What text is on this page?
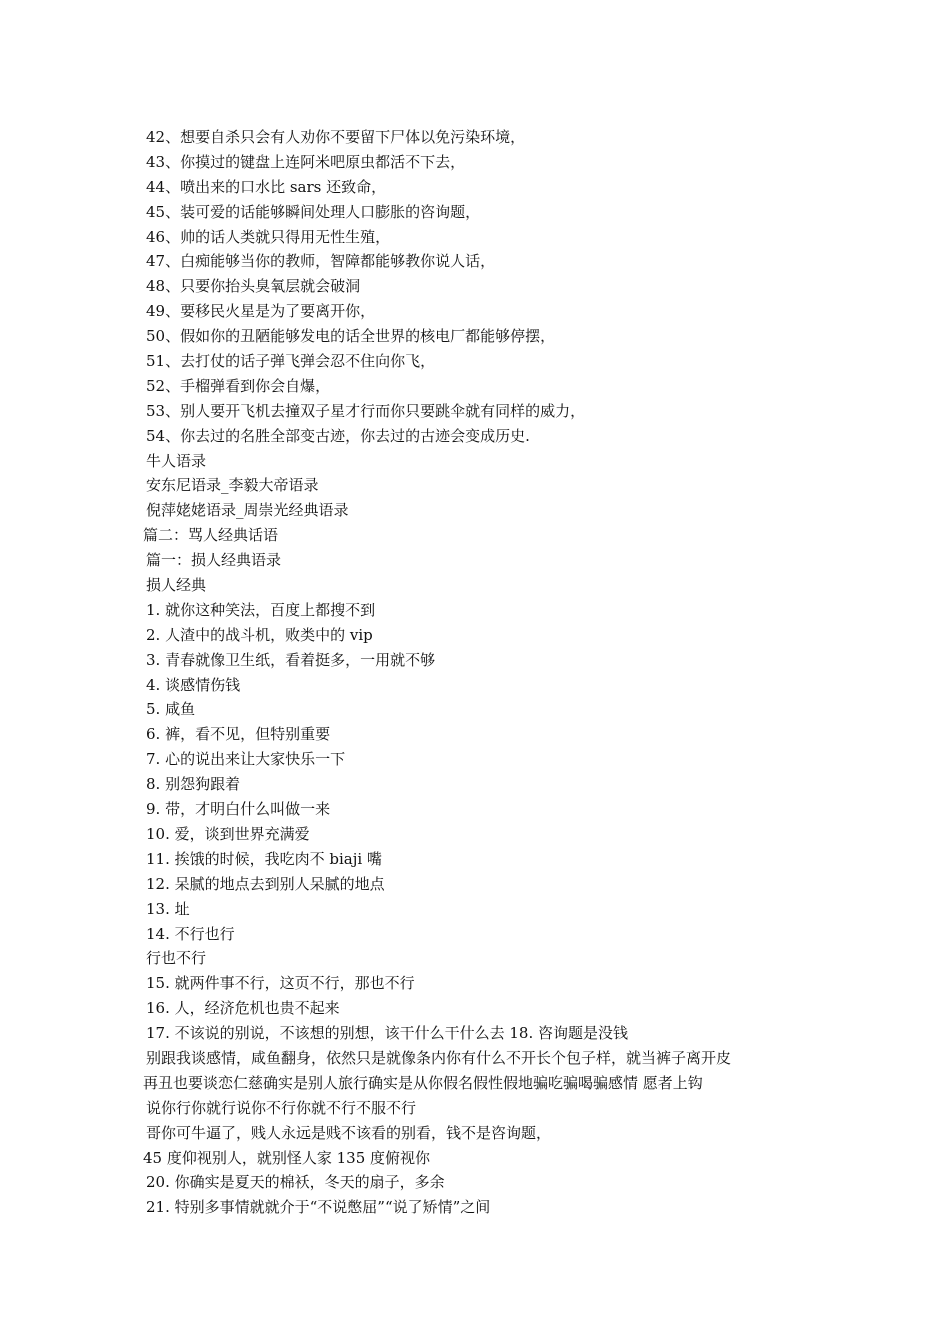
42、想要自杀只会有人劝你不要留下尸体以免污染环境，
43、你摸过的键盘上连阿米吧原虫都活不下去，
44、喷出来的口水比 sars 还致命，
45、装可爱的话能够瞬间处理人口膨胀的咨询题，
46、帅的话人类就只得用无性生殖，
47、白痴能够当你的教师，智障都能够教你说人话，
48、只要你抬头臭氧层就会破洞
49、要移民火星是为了要离开你，
50、假如你的丑陋能够发电的话全世界的核电厂都能够停摆，
51、去打仗的话子弹飞弹会忍不住向你飞，
52、手榴弹看到你会自爆，
53、别人要开飞机去撞双子星才行而你只要跳伞就有同样的威力，
54、你去过的名胜全部变古迹，你去过的古迹会变成历史.
牛人语录
安东尼语录_李毅大帝语录
倪萍姥姥语录_周崇光经典语录
篇二：骂人经典话语
篇一：损人经典语录
损人经典
1. 就你这种笑法，百度上都搜不到
2. 人渣中的战斗机，败类中的 vip
3. 青春就像卫生纸，看着挺多，一用就不够
4. 谈感情伤钱
5. 咸鱼
6. 裤，看不见，但特别重要
7. 心的说出来让大家快乐一下
8. 别怨狗跟着
9. 带，才明白什么叫做一来
10. 爱，谈到世界充满爱
11. 挨饿的时候，我吃肉不 biaji 嘴
12. 呆腻的地点去到别人呆腻的地点
13. 址
14. 不行也行
行也不行
15. 就两件事不行，这页不行，那也不行
16. 人，经济危机也贵不起来
17. 不该说的别说，不该想的别想，该干什么干什么去 18. 咨询题是没钱
别跟我谈感情，咸鱼翻身，依然只是就像条内你有什么不开长个包子样，就当裤子离开皮
再丑也要谈恋仁慈确实是别人旅行确实是从你假名假性假地骗吃骗喝骗感情 愿者上钩
说你行你就行说你不行你就不行不服不行
哥你可牛逼了，贱人永远是贱不该看的别看，钱不是咨询题，
45 度仰视别人，就别怪人家 135 度俯视你
20. 你确实是夏天的棉袄，冬天的扇子，多余
21. 特别多事情就就介于“不说憋屈”“说了矫情”之间
